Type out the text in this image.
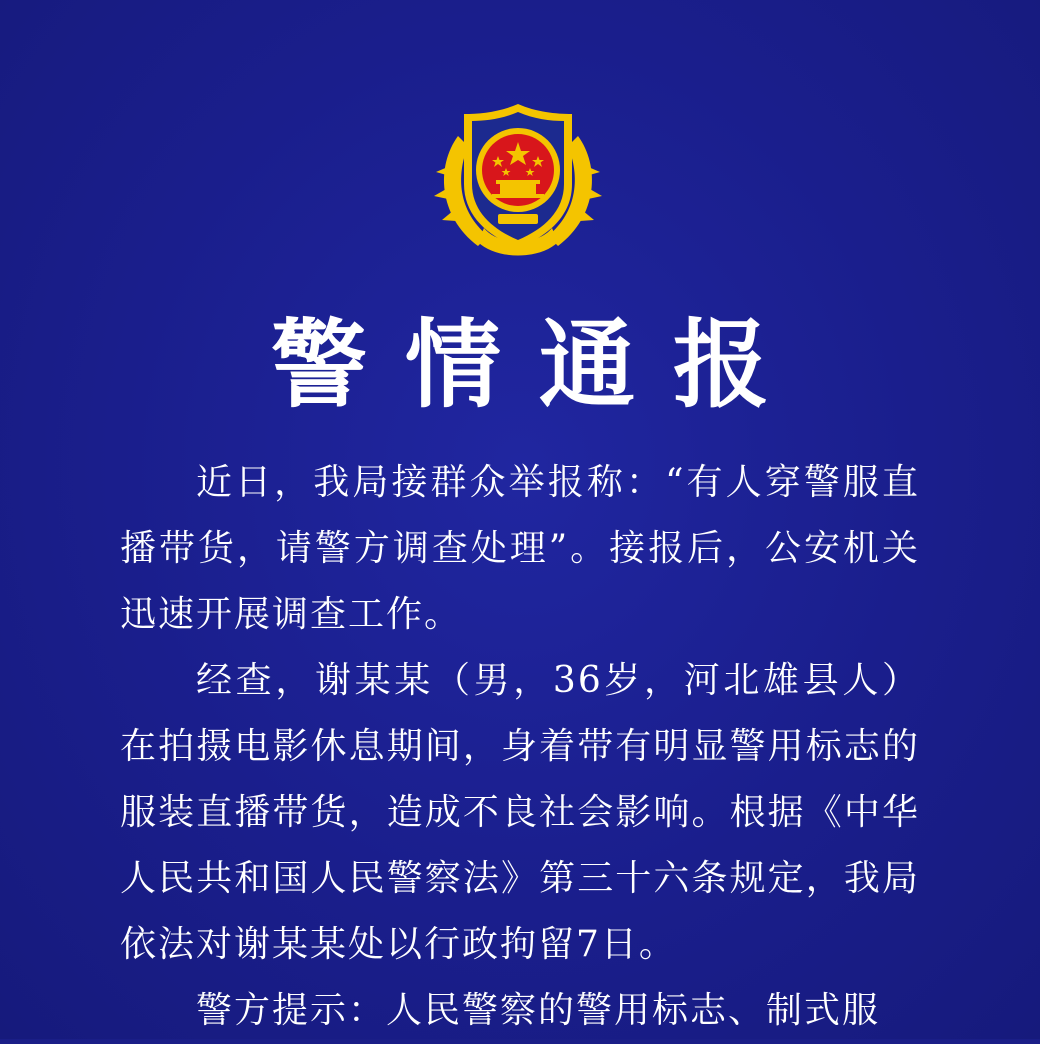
警情通报

近日，我局接群众举报称：“有人穿警服直播带货，请警方调查处理”。接报后，公安机关迅速开展调查工作。

经查，谢某某（男，36岁，河北雄县人）在拍摄电影休息期间，身着带有明显警用标志的服装直播带货，造成不良社会影响。根据《中华人民共和国人民警察法》第三十六条规定，我局依法对谢某某处以行政拘留7日。

警方提示：人民警察的警用标志、制式服
